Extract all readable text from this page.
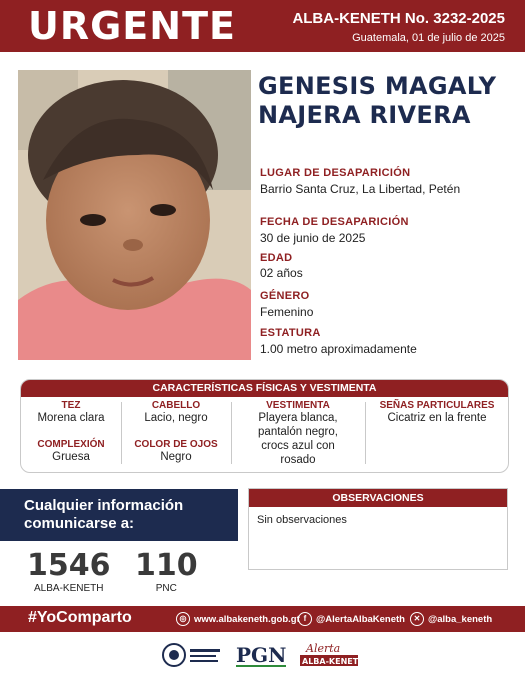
URGENTE	ALBA-KENETH No. 3232-2025
Guatemala, 01 de julio de 2025
GENESIS MAGALY
NAJERA RIVERA
LUGAR DE DESAPARICIÓN
Barrio Santa Cruz, La Libertad, Petén
FECHA DE DESAPARICIÓN
30 de junio de 2025
EDAD
02 años
GÉNERO
Femenino
ESTATURA
1.00 metro aproximadamente
CARACTERÍSTICAS FÍSICAS Y VESTIMENTA
TEZ
Morena clara
COMPLEXIÓN
Gruesa
CABELLO
Lacio, negro
COLOR DE OJOS
Negro
VESTIMENTA
Playera blanca,
pantalón negro,
crocs azul con
rosado
SEÑAS PARTICULARES
Cicatriz en la frente
Cualquier información
comunicarse a:
1546
ALBA-KENETH
110
PNC
OBSERVACIONES
Sin observaciones
#YoComparto	◎ www.albakeneth.gob.gt f	@AlertaAlbaKeneth	✕ @alba_keneth
PGN Alerta
ALBA-KENETH
